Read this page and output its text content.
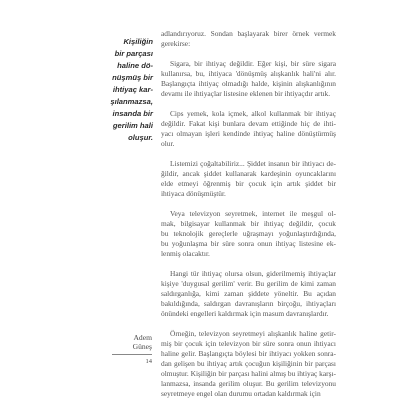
Kişiliğin
bir parçası
haline dö-
nüşmüş bir
ihtiyaç kar-
şılanmazsa,
insanda bir
gerilim hali
oluşur.
adlandırıyoruz. Sondan başlayarak birer örnek vermek
gerekirse:
Sigara, bir ihtiyaç değildir. Eğer kişi, bir süre sigara
kullanırsa, bu, ihtiyaca 'dönüşmüş alışkanlık hali'ni alır.
Başlangıçta ihtiyaç olmadığı halde, kişinin alışkanlığının
devamı ile ihtiyaçlar listesine eklenen bir ihtiyaçdır artık.
Cips yemek, kola içmek, alkol kullanmak bir ihtiyaç
değildir. Fakat kişi bunlara devam ettiğinde hiç de ihti-
yacı olmayan işleri kendinde ihtiyaç haline dönüştürmüş
olur.
Listemizi çoğaltabiliriz... Şiddet insanın bir ihtiyacı de-
ğildir, ancak şiddet kullanarak kardeşinin oyuncaklarını
elde etmeyi öğrenmiş bir çocuk için artık şiddet bir
ihtiyaca dönüşmüştür.
Veya televizyon seyretmek, internet ile meşgul ol-
mak, bilgisayar kullanmak bir ihtiyaç değildir, çocuk
bu teknolojik gereçlerle uğraşmayı yoğunlaştırdığında,
bu yoğunlaşma bir süre sonra onun ihtiyaç listesine ek-
lenmiş olacaktır.
Hangi tür ihtiyaç olursa olsun, giderilmemiş ihtiyaçlar
kişiye 'duygusal gerilim' verir. Bu gerilim de kimi zaman
saldırganlığa, kimi zaman şiddete yöneltir. Bu açıdan
bakıldığında, saldırgan davranışların birçoğu, ihtiyaçları
önündeki engelleri kaldırmak için masum davranışlardır.
Örneğin, televizyon seyretmeyi alışkanlık haline getir-
miş bir çocuk için televizyon bir süre sonra onun ihtiyacı
haline gelir. Başlangıçta böylesi bir ihtiyacı yokken sonra-
dan gelişen bu ihtiyaç artık çocuğun kişiliğinin bir parçası
olmuştur. Kişiliğin bir parçası halini almış bu ihtiyaç karşı-
lanmazsa, insanda gerilim oluşur. Bu gerilim televizyonu
seyretmeye engel olan durumu ortadan kaldırmak için
Adem
Güneş
14
